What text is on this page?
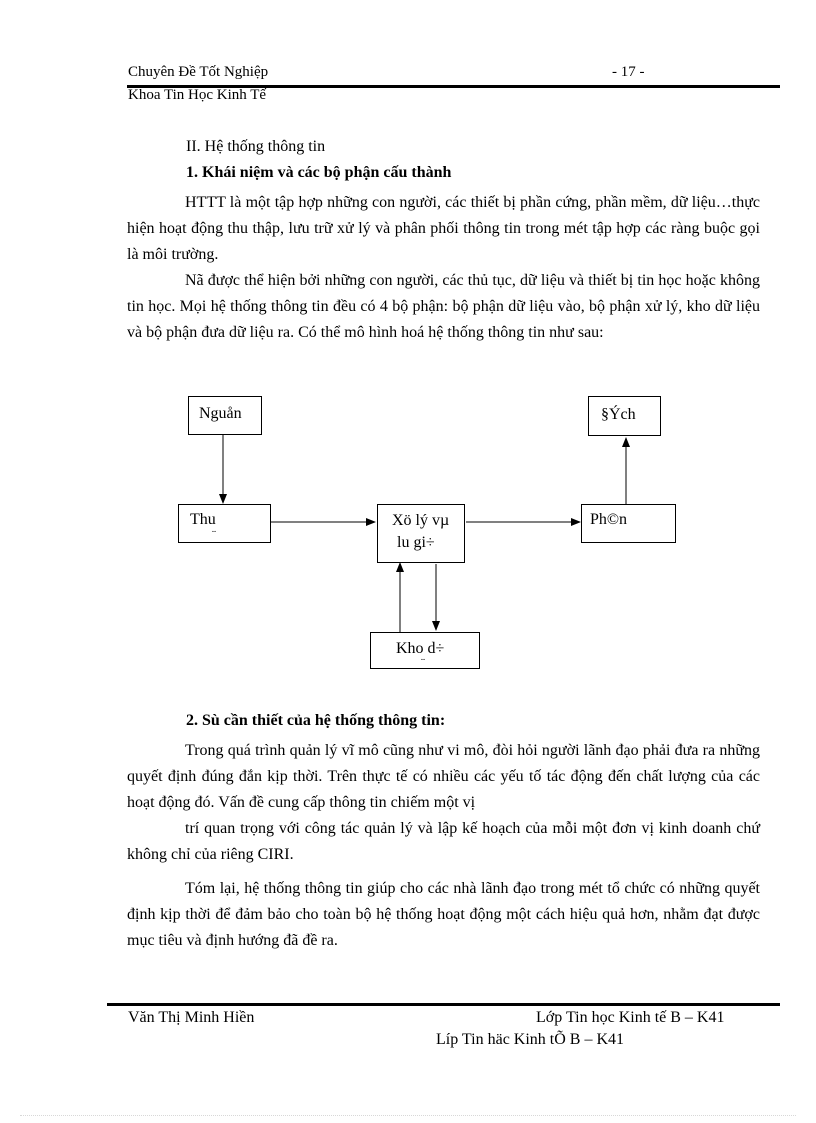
Chuyên Đề Tốt Nghiệp	- 17 -
Khoa Tin Học Kinh Tế
II. Hệ thống thông tin
1. Khái niệm và các bộ phận cấu thành

HTTT là một tập hợp những con người, các thiết bị phần cứng, phần mềm, dữ liệu…thực hiện hoạt động thu thập, lưu trữ xử lý và phân phối thông tin trong mét tập hợp các ràng buộc gọi là môi trường.

Nã được thể hiện bởi những con người, các thủ tục, dữ liệu và thiết bị tin học hoặc không tin học. Mọi hệ thống thông tin đều có 4 bộ phận: bộ phận dữ liệu vào, bộ phận xử lý, kho dữ liệu và bộ phận đưa dữ liệu ra. Có thể mô hình hoá hệ thống thông tin như sau:

Nguån	§Ých
Thu
¨
Xö lý vµ
lu gi÷
Ph©n
Kho d÷
¨
2. Sù cần thiết của hệ thống thông tin:

Trong quá trình quản lý vĩ mô cũng như vi mô, đòi hỏi người lãnh đạo phải đưa ra những quyết định đúng đắn kịp thời. Trên thực tế có nhiều các yếu tố tác động đến chất lượng của các hoạt động đó. Vấn đề cung cấp thông tin chiếm một vị

trí quan trọng với công tác quản lý và lập kế hoạch của mỗi một đơn vị kinh doanh chứ không chỉ của riêng CIRI.

Tóm lại, hệ thống thông tin giúp cho các nhà lãnh đạo trong mét tổ chức có những quyết định kịp thời để đảm bảo cho toàn bộ hệ thống hoạt động một cách hiệu quả hơn, nhằm đạt được mục tiêu và định hướng đã đề ra.

Văn Thị Minh Hiền	Lớp Tin học Kinh tế B – K41
Líp Tin häc Kinh tÕ B – K41
